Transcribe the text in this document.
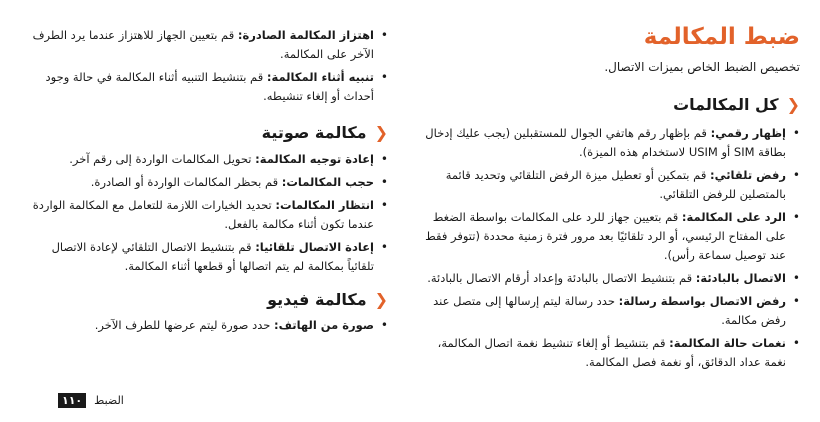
ضبط المكالمة

تخصيص الضبط الخاص بميزات الاتصال.

❮
كل المكالمات
•
إظهار رقمي: قم بإظهار رقم هاتفي الجوال للمستقبلين (يجب عليك إدخال بطاقة SIM أو USIM لاستخدام هذه الميزة).
•
رفض تلقائي: قم بتمكين أو تعطيل ميزة الرفض التلقائي وتحديد قائمة بالمتصلين للرفض التلقائي.
•
الرد على المكالمة: قم بتعيين جهاز للرد على المكالمات بواسطة الضغط على المفتاح الرئيسي، أو الرد تلقائيًا بعد مرور فترة زمنية محددة (تتوفر فقط عند توصيل سماعة رأس).
•
الاتصال بالبادئة: قم بتنشيط الاتصال بالبادئة وإعداد أرقام الاتصال بالبادئة.
•
رفض الاتصال بواسطة رسالة: حدد رسالة ليتم إرسالها إلى متصل عند رفض مكالمة.
•
نغمات حالة المكالمة: قم بتنشيط أو إلغاء تنشيط نغمة اتصال المكالمة، نغمة عداد الدقائق، أو نغمة فصل المكالمة.
•
اهتزاز المكالمة الصادرة: قم بتعيين الجهاز للاهتزاز عندما يرد الطرف الآخر على المكالمة.
•
تنبيه أثناء المكالمة: قم بتنشيط التنبيه أثناء المكالمة في حالة وجود أحداث أو إلغاء تنشيطه.
❮
مكالمة صوتية
•
إعادة توجيه المكالمة: تحويل المكالمات الواردة إلى رقم آخر.
•
حجب المكالمات: قم بحظر المكالمات الواردة أو الصادرة.
•
انتظار المكالمات: تحديد الخيارات اللازمة للتعامل مع المكالمة الواردة عندما تكون أثناء مكالمة بالفعل.
•
إعادة الاتصال تلقائيا: قم بتنشيط الاتصال التلقائي لإعادة الاتصال تلقائياً بمكالمة لم يتم اتصالها أو قطعها أثناء المكالمة.
❮
مكالمة فيديو
•
صورة من الهاتف: حدد صورة ليتم عرضها للطرف الآخر.
الضبط
١١٠
